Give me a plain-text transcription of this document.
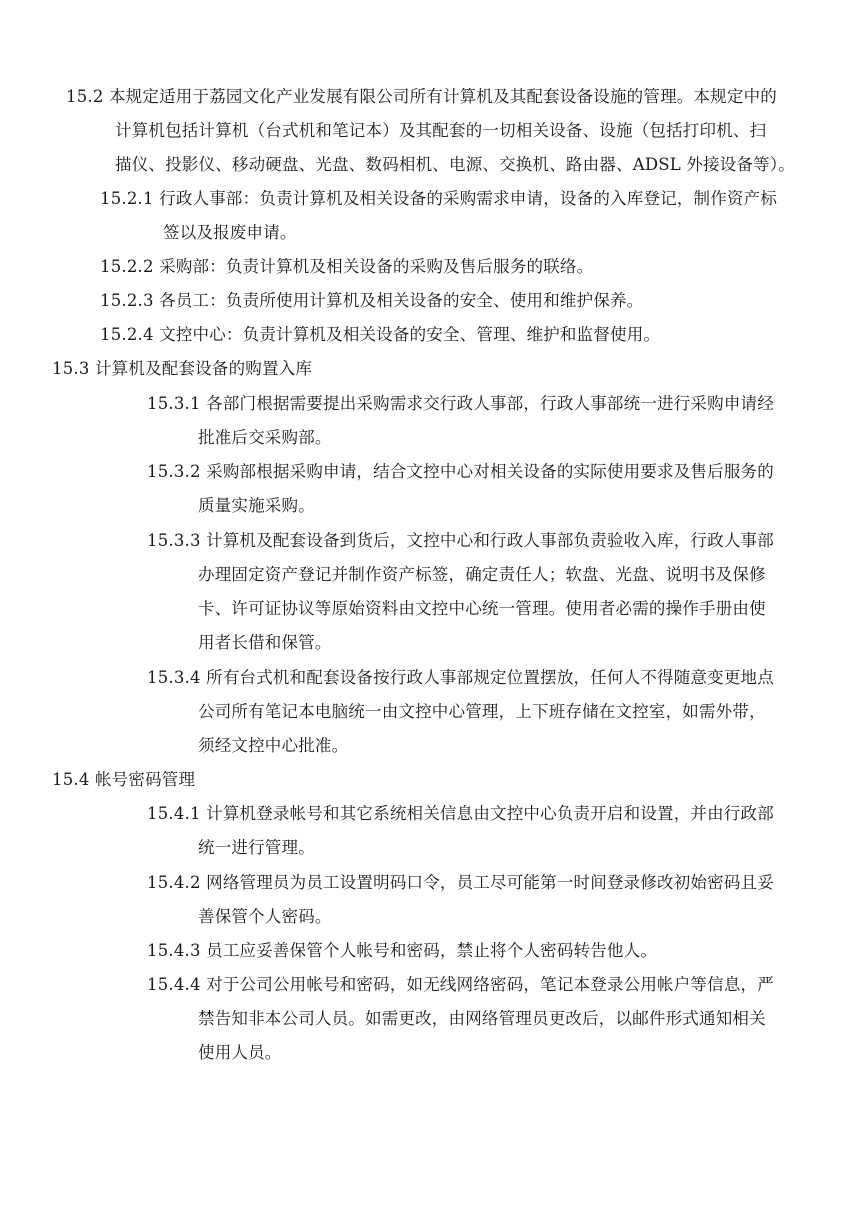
15.2 本规定适用于荔园文化产业发展有限公司所有计算机及其配套设备设施的管理。本规定中的
计算机包括计算机（台式机和笔记本）及其配套的一切相关设备、设施（包括打印机、扫
描仪、投影仪、移动硬盘、光盘、数码相机、电源、交换机、路由器、ADSL 外接设备等）。
15.2.1 行政人事部：负责计算机及相关设备的采购需求申请，设备的入库登记，制作资产标
签以及报废申请。
15.2.2 采购部：负责计算机及相关设备的采购及售后服务的联络。
15.2.3 各员工：负责所使用计算机及相关设备的安全、使用和维护保养。
15.2.4 文控中心：负责计算机及相关设备的安全、管理、维护和监督使用。
15.3 计算机及配套设备的购置入库
15.3.1 各部门根据需要提出采购需求交行政人事部，行政人事部统一进行采购申请经
批准后交采购部。
15.3.2 采购部根据采购申请，结合文控中心对相关设备的实际使用要求及售后服务的
质量实施采购。
15.3.3 计算机及配套设备到货后，文控中心和行政人事部负责验收入库，行政人事部
办理固定资产登记并制作资产标签，确定责任人；软盘、光盘、说明书及保修
卡、许可证协议等原始资料由文控中心统一管理。使用者必需的操作手册由使
用者长借和保管。
15.3.4 所有台式机和配套设备按行政人事部规定位置摆放，任何人不得随意变更地点
公司所有笔记本电脑统一由文控中心管理，上下班存储在文控室，如需外带，
须经文控中心批准。
15.4 帐号密码管理
15.4.1 计算机登录帐号和其它系统相关信息由文控中心负责开启和设置，并由行政部
统一进行管理。
15.4.2 网络管理员为员工设置明码口令，员工尽可能第一时间登录修改初始密码且妥
善保管个人密码。
15.4.3 员工应妥善保管个人帐号和密码，禁止将个人密码转告他人。
15.4.4 对于公司公用帐号和密码，如无线网络密码，笔记本登录公用帐户等信息，严
禁告知非本公司人员。如需更改，由网络管理员更改后，以邮件形式通知相关
使用人员。
